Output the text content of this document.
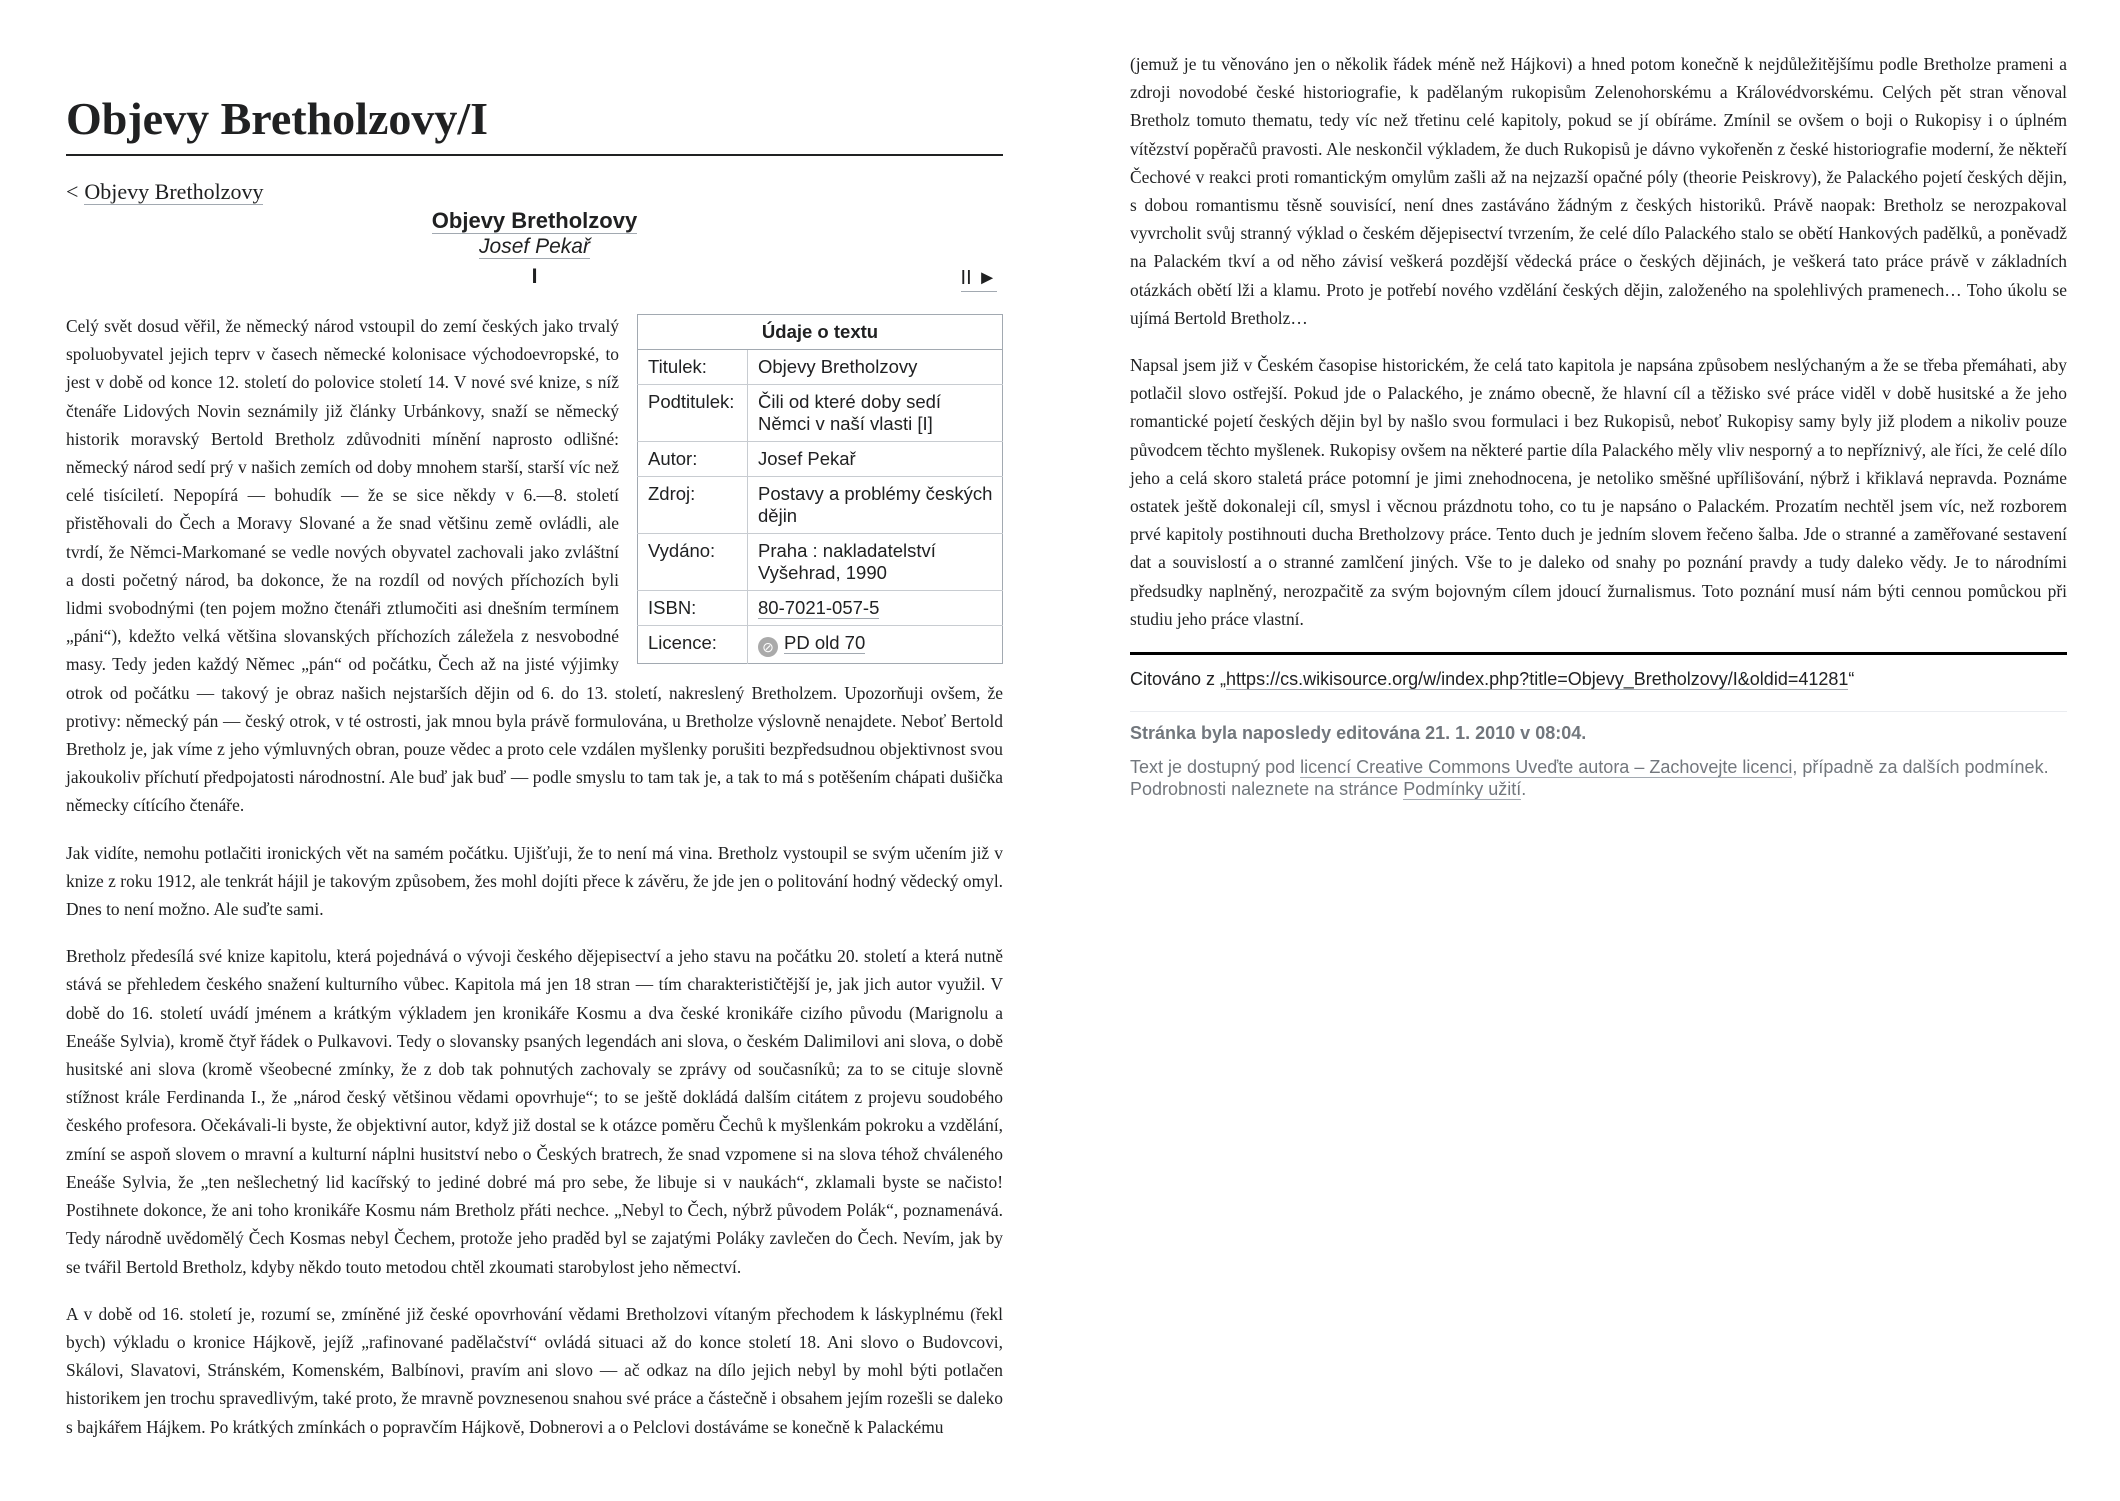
Objevy Bretholzovy/I
< Objevy Bretholzovy
Objevy Bretholzovy
Josef Pekař
I	II ►
Údaje o textu	
Titulek:	Objevy Bretholzovy
Podtitulek:	Čili od které doby sedí Němci v naší vlasti [I]
Autor:	Josef Pekař
Zdroj:	Postavy a problémy českých dějin
Vydáno:	Praha : nakladatelství Vyšehrad, 1990
ISBN:	80-7021-057-5
Licence:	⊘ PD old 70

Celý svět dosud věřil, že německý národ vstoupil do zemí českých jako trvalý spoluobyvatel jejich teprv v časech německé kolonisace východoevropské, to jest v době od konce 12. století do polovice století 14. V nové své knize, s níž čtenáře Lidových Novin seznámily již články Urbánkovy, snaží se německý historik moravský Bertold Bretholz zdůvodniti mínění naprosto odlišné: německý národ sedí prý v našich zemích od doby mnohem starší, starší víc než celé tisíciletí. Nepopírá — bohudík — že se sice někdy v 6.—8. století přistěhovali do Čech a Moravy Slované a že snad většinu země ovládli, ale tvrdí, že Němci-Markomané se vedle nových obyvatel zachovali jako zvláštní a dosti početný národ, ba dokonce, že na rozdíl od nových příchozích byli lidmi svobodnými (ten pojem možno čtenáři ztlumočiti asi dnešním termínem „páni“), kdežto velká většina slovanských příchozích záležela z nesvobodné masy. Tedy jeden každý Němec „pán“ od počátku, Čech až na jisté výjimky otrok od počátku — takový je obraz našich nejstarších dějin od 6. do 13. století, nakreslený Bretholzem. Upozorňuji ovšem, že protivy: německý pán — český otrok, v té ostrosti, jak mnou byla právě formulována, u Bretholze výslovně nenajdete. Neboť Bertold Bretholz je, jak víme z jeho výmluvných obran, pouze vědec a proto cele vzdálen myšlenky porušiti bezpředsudnou objektivnost svou jakoukoliv příchutí předpojatosti národnostní. Ale buď jak buď — podle smyslu to tam tak je, a tak to má s potěšením chápati dušička německy cítícího čtenáře.

Jak vidíte, nemohu potlačiti ironických vět na samém počátku. Ujišťuji, že to není má vina. Bretholz vystoupil se svým učením již v knize z roku 1912, ale tenkrát hájil je takovým způsobem, žes mohl dojíti přece k závěru, že jde jen o politování hodný vědecký omyl. Dnes to není možno. Ale suďte sami.

Bretholz předesílá své knize kapitolu, která pojednává o vývoji českého dějepisectví a jeho stavu na počátku 20. století a která nutně stává se přehledem českého snažení kulturního vůbec. Kapitola má jen 18 stran — tím charakterističtější je, jak jich autor využil. V době do 16. století uvádí jménem a krátkým výkladem jen kronikáře Kosmu a dva české kronikáře cizího původu (Marignolu a Eneáše Sylvia), kromě čtyř řádek o Pulkavovi. Tedy o slovansky psaných legendách ani slova, o českém Dalimilovi ani slova, o době husitské ani slova (kromě všeobecné zmínky, že z dob tak pohnutých zachovaly se zprávy od současníků; za to se cituje slovně stížnost krále Ferdinanda I., že „národ český většinou vědami opovrhuje“; to se ještě dokládá dalším citátem z projevu soudobého českého profesora. Očekávali-li byste, že objektivní autor, když již dostal se k otázce poměru Čechů k myšlenkám pokroku a vzdělání, zmíní se aspoň slovem o mravní a kulturní náplni husitství nebo o Českých bratrech, že snad vzpomene si na slova téhož chváleného Eneáše Sylvia, že „ten nešlechetný lid kacířský to jediné dobré má pro sebe, že libuje si v naukách“, zklamali byste se načisto! Postihnete dokonce, že ani toho kronikáře Kosmu nám Bretholz přáti nechce. „Nebyl to Čech, nýbrž původem Polák“, poznamenává. Tedy národně uvědomělý Čech Kosmas nebyl Čechem, protože jeho praděd byl se zajatými Poláky zavlečen do Čech. Nevím, jak by se tvářil Bertold Bretholz, kdyby někdo touto metodou chtěl zkoumati starobylost jeho němectví.

A v době od 16. století je, rozumí se, zmíněné již české opovrhování vědami Bretholzovi vítaným přechodem k láskyplnému (řekl bych) výkladu o kronice Hájkově, jejíž „rafinované padělačství“ ovládá situaci až do konce století 18. Ani slovo o Budovcovi, Skálovi, Slavatovi, Stránském, Komenském, Balbínovi, pravím ani slovo — ač odkaz na dílo jejich nebyl by mohl býti potlačen historikem jen trochu spravedlivým, také proto, že mravně povznesenou snahou své práce a částečně i obsahem jejím rozešli se daleko s bajkářem Hájkem. Po krátkých zmínkách o popravčím Hájkově, Dobnerovi a o Pelclovi dostáváme se konečně k Palackému

(jemuž je tu věnováno jen o několik řádek méně než Hájkovi) a hned potom konečně k nejdůležitějšímu podle Bretholze prameni a zdroji novodobé české historiografie, k padělaným rukopisům Zelenohorskému a Královédvorskému. Celých pět stran věnoval Bretholz tomuto thematu, tedy víc než třetinu celé kapitoly, pokud se jí obíráme. Zmínil se ovšem o boji o Rukopisy i o úplném vítězství popěračů pravosti. Ale neskončil výkladem, že duch Rukopisů je dávno vykořeněn z české historiografie moderní, že někteří Čechové v reakci proti romantickým omylům zašli až na nejzazší opačné póly (theorie Peiskrovy), že Palackého pojetí českých dějin, s dobou romantismu těsně souvisící, není dnes zastáváno žádným z českých historiků. Právě naopak: Bretholz se nerozpakoval vyvrcholit svůj stranný výklad o českém dějepisectví tvrzením, že celé dílo Palackého stalo se obětí Hankových padělků, a poněvadž na Palackém tkví a od něho závisí veškerá pozdější vědecká práce o českých dějinách, je veškerá tato práce právě v základních otázkách obětí lži a klamu. Proto je potřebí nového vzdělání českých dějin, založeného na spolehlivých pramenech… Toho úkolu se ujímá Bertold Bretholz…

Napsal jsem již v Českém časopise historickém, že celá tato kapitola je napsána způsobem neslýchaným a že se třeba přemáhati, aby potlačil slovo ostřejší. Pokud jde o Palackého, je známo obecně, že hlavní cíl a těžisko své práce viděl v době husitské a že jeho romantické pojetí českých dějin byl by našlo svou formulaci i bez Rukopisů, neboť Rukopisy samy byly již plodem a nikoliv pouze původcem těchto myšlenek. Rukopisy ovšem na některé partie díla Palackého měly vliv nesporný a to nepříznivý, ale říci, že celé dílo jeho a celá skoro staletá práce potomní je jimi znehodnocena, je netoliko směšné upřílišování, nýbrž i křiklavá nepravda. Poznáme ostatek ještě dokonaleji cíl, smysl i věcnou prázdnotu toho, co tu je napsáno o Palackém. Prozatím nechtěl jsem víc, než rozborem prvé kapitoly postihnouti ducha Bretholzovy práce. Tento duch je jedním slovem řečeno šalba. Jde o stranné a zaměřované sestavení dat a souvislostí a o stranné zamlčení jiných. Vše to je daleko od snahy po poznání pravdy a tudy daleko vědy. Je to národními předsudky naplněný, nerozpačitě za svým bojovným cílem jdoucí žurnalismus. Toto poznání musí nám býti cennou pomůckou při studiu jeho práce vlastní.

Citováno z „https://cs.wikisource.org/w/index.php?title=Objevy_Bretholzovy/I&oldid=41281“
Stránka byla naposledy editována 21. 1. 2010 v 08:04.
Text je dostupný pod licencí Creative Commons Uveďte autora – Zachovejte licenci, případně za dalších podmínek. Podrobnosti naleznete na stránce Podmínky užití.
